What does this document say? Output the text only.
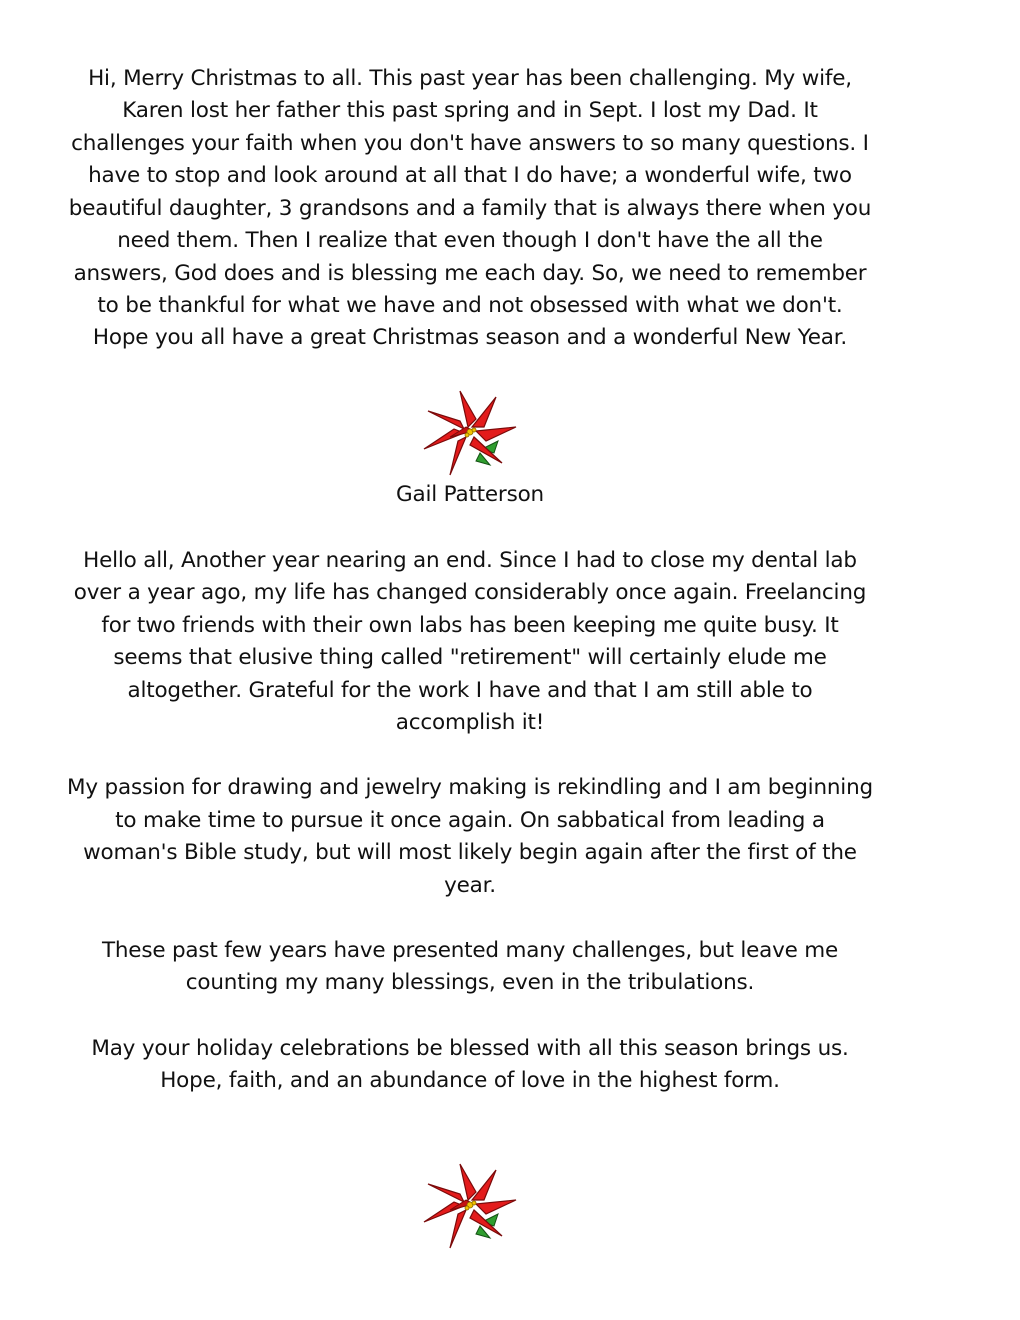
Hi, Merry Christmas to all. This past year has been challenging. My wife,
Karen lost her father this past spring and in Sept. I lost my Dad. It
challenges your faith when you don't have answers to so many questions. I
have to stop and look around at all that I do have; a wonderful wife, two
beautiful daughter, 3 grandsons and a family that is always there when you
need them. Then I realize that even though I don't have the all the
answers, God does and is blessing me each day. So, we need to remember
to be thankful for what we have and not obsessed with what we don't.
Hope you all have a great Christmas season and a wonderful New Year.
Gail Patterson
Hello all, Another year nearing an end. Since I had to close my dental lab
over a year ago, my life has changed considerably once again. Freelancing
for two friends with their own labs has been keeping me quite busy. It
seems that elusive thing called "retirement" will certainly elude me
altogether. Grateful for the work I have and that I am still able to
accomplish it!
My passion for drawing and jewelry making is rekindling and I am beginning
to make time to pursue it once again. On sabbatical from leading a
woman's Bible study, but will most likely begin again after the first of the
year.
These past few years have presented many challenges, but leave me
counting my many blessings, even in the tribulations.
May your holiday celebrations be blessed with all this season brings us.
Hope, faith, and an abundance of love in the highest form.
